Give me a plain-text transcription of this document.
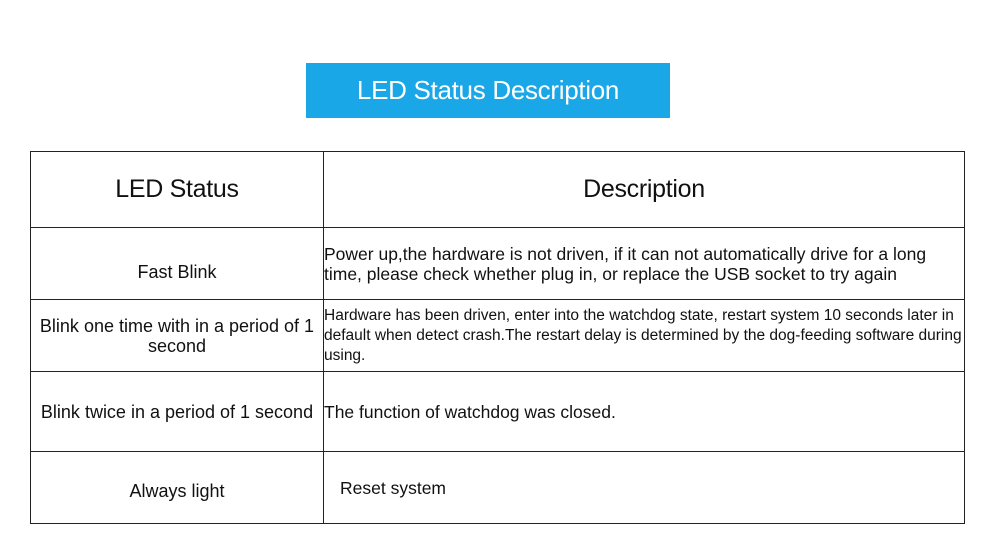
LED Status Description
LED Status	Description
Fast Blink	Power up,the hardware is not driven, if it can not automatically drive for a long time, please check whether plug in, or replace the USB socket to try again
Blink one time with in a period of 1 second	Hardware has been driven, enter into the watchdog state, restart system 10 seconds later in default when detect crash.The restart delay is determined by the dog-feeding software during using.
Blink twice in a period of 1 second	The function of watchdog was closed.
Always light	Reset system
